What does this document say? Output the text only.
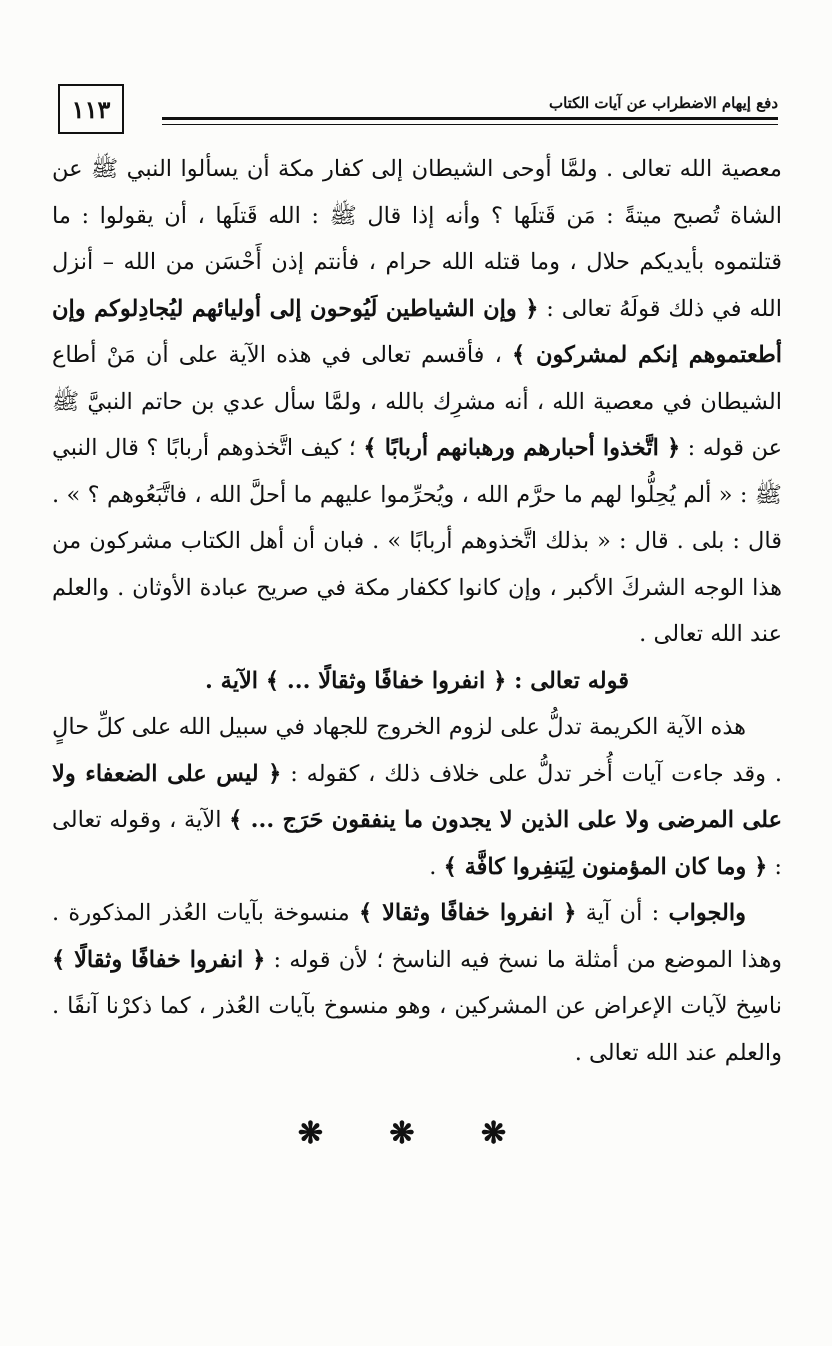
١١٣	دفع إيهام الاضطراب عن آيات الكتاب

معصية الله تعالى . ولمَّا أوحى الشيطان إلى كفار مكة أن يسألوا النبي ﷺ عن الشاة تُصبح ميتةً : مَن قَتلَها ؟ وأنه إذا قال ﷺ : الله قَتلَها ، أن يقولوا : ما قتلتموه بأيديكم حلال ، وما قتله الله حرام ، فأنتم إذن أَحْسَن من الله – أنزل الله في ذلك قولَهُ تعالى : ﴿ وإن الشياطين لَيُوحون إلى أوليائهم ليُجادِلوكم وإن أطعتموهم إنكم لمشركون ﴾ ، فأقسم تعالى في هذه الآية على أن مَنْ أطاع الشيطان في معصية الله ، أنه مشرِك بالله ، ولمَّا سأل عدي بن حاتم النبيَّ ﷺ عن قوله : ﴿ اتَّخذوا أحبارهم ورهبانهم أربابًا ﴾ ؛ كيف اتَّخذوهم أربابًا ؟ قال النبي ﷺ : « ألم يُحِلُّوا لهم ما حرَّم الله ، ويُحرِّموا عليهم ما أحلَّ الله ، فاتَّبَعُوهم ؟ » . قال : بلى . قال : « بذلك اتَّخذوهم أربابًا » . فبان أن أهل الكتاب مشركون من هذا الوجه الشركَ الأكبر ، وإن كانوا ككفار مكة في صريح عبادة الأوثان . والعلم عند الله تعالى .

قوله تعالى : ﴿ انفروا خفافًا وثقالًا ... ﴾ الآية .

هذه الآية الكريمة تدلُّ على لزوم الخروج للجهاد في سبيل الله على كلِّ حالٍ . وقد جاءت آيات أُخر تدلُّ على خلاف ذلك ، كقوله : ﴿ ليس على الضعفاء ولا على المرضى ولا على الذين لا يجدون ما ينفقون حَرَج ... ﴾ الآية ، وقوله تعالى : ﴿ وما كان المؤمنون لِيَنفِروا كافَّة ﴾ .

والجواب : أن آية ﴿ انفروا خفافًا وثقالا ﴾ منسوخة بآيات العُذر المذكورة . وهذا الموضع من أمثلة ما نسخ فيه الناسخ ؛ لأن قوله : ﴿ انفروا خفافًا وثقالًا ﴾ ناسِخ لآيات الإعراض عن المشركين ، وهو منسوخ بآيات العُذر ، كما ذكرْنا آنفًا . والعلم عند الله تعالى .

❋ ❋ ❋
